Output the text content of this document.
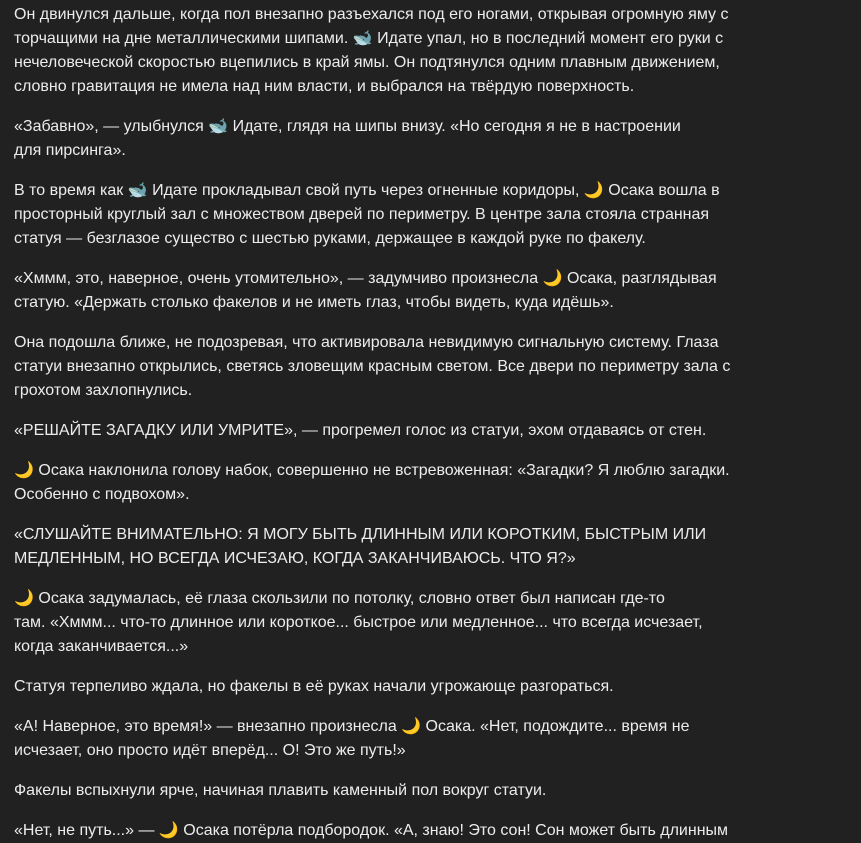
Он двинулся дальше, когда пол внезапно разъехался под его ногами, открывая огромную яму с
торчащими на дне металлическими шипами. 🐋 Идате упал, но в последний момент его руки с
нечеловеческой скоростью вцепились в край ямы. Он подтянулся одним плавным движением,
словно гравитация не имела над ним власти, и выбрался на твёрдую поверхность.

«Забавно», — улыбнулся 🐋 Идате, глядя на шипы внизу. «Но сегодня я не в настроении
для пирсинга».

В то время как 🐋 Идате прокладывал свой путь через огненные коридоры, 🌙 Осака вошла в
просторный круглый зал с множеством дверей по периметру. В центре зала стояла странная
статуя — безглазое существо с шестью руками, держащее в каждой руке по факелу.

«Хммм, это, наверное, очень утомительно», — задумчиво произнесла 🌙 Осака, разглядывая
статую. «Держать столько факелов и не иметь глаз, чтобы видеть, куда идёшь».

Она подошла ближе, не подозревая, что активировала невидимую сигнальную систему. Глаза
статуи внезапно открылись, светясь зловещим красным светом. Все двери по периметру зала с
грохотом захлопнулись.

«РЕШАЙТЕ ЗАГАДКУ ИЛИ УМРИТЕ», — прогремел голос из статуи, эхом отдаваясь от стен.

🌙 Осака наклонила голову набок, совершенно не встревоженная: «Загадки? Я люблю загадки.
Особенно с подвохом».

«СЛУШАЙТЕ ВНИМАТЕЛЬНО: Я МОГУ БЫТЬ ДЛИННЫМ ИЛИ КОРОТКИМ, БЫСТРЫМ ИЛИ
МЕДЛЕННЫМ, НО ВСЕГДА ИСЧЕЗАЮ, КОГДА ЗАКАНЧИВАЮСЬ. ЧТО Я?»

🌙 Осака задумалась, её глаза скользили по потолку, словно ответ был написан где-то
там. «Хммм... что-то длинное или короткое... быстрое или медленное... что всегда исчезает,
когда заканчивается...»

Статуя терпеливо ждала, но факелы в её руках начали угрожающе разгораться.

«А! Наверное, это время!» — внезапно произнесла 🌙 Осака. «Нет, подождите... время не
исчезает, оно просто идёт вперёд... О! Это же путь!»

Факелы вспыхнули ярче, начиная плавить каменный пол вокруг статуи.

«Нет, не путь...» — 🌙 Осака потёрла подбородок. «А, знаю! Это сон! Сон может быть длинным
